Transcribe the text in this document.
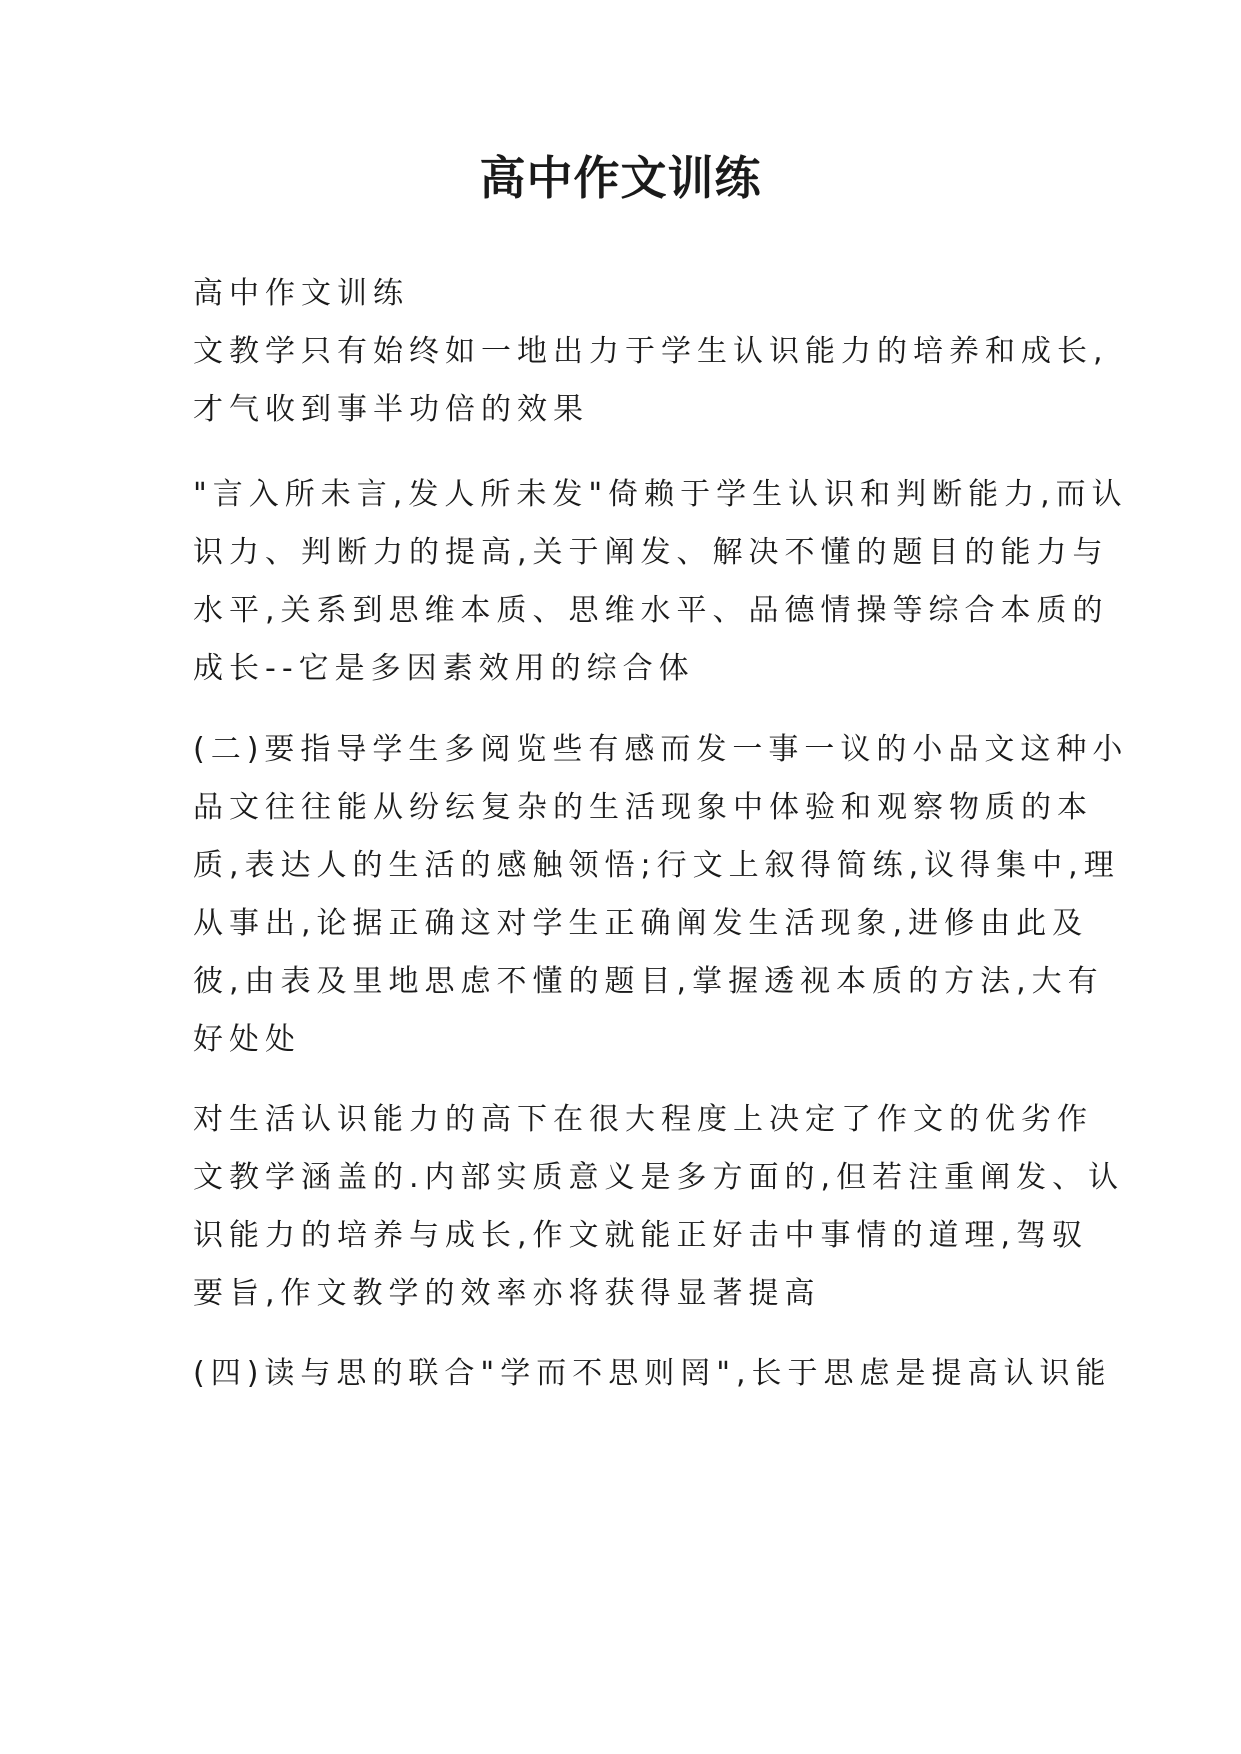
高中作文训练
高中作文训练
文教学只有始终如一地出力于学生认识能力的培养和成长,
才气收到事半功倍的效果
"言入所未言,发人所未发"倚赖于学生认识和判断能力,而认
识力、判断力的提高,关于阐发、解决不懂的题目的能力与
水平,关系到思维本质、思维水平、品德情操等综合本质的
成长--它是多因素效用的综合体
(二)要指导学生多阅览些有感而发一事一议的小品文这种小
品文往往能从纷纭复杂的生活现象中体验和观察物质的本
质,表达人的生活的感触领悟;行文上叙得简练,议得集中,理
从事出,论据正确这对学生正确阐发生活现象,进修由此及
彼,由表及里地思虑不懂的题目,掌握透视本质的方法,大有
好处处
对生活认识能力的高下在很大程度上决定了作文的优劣作
文教学涵盖的.内部实质意义是多方面的,但若注重阐发、认
识能力的培养与成长,作文就能正好击中事情的道理,驾驭
要旨,作文教学的效率亦将获得显著提高
(四)读与思的联合"学而不思则罔",长于思虑是提高认识能
